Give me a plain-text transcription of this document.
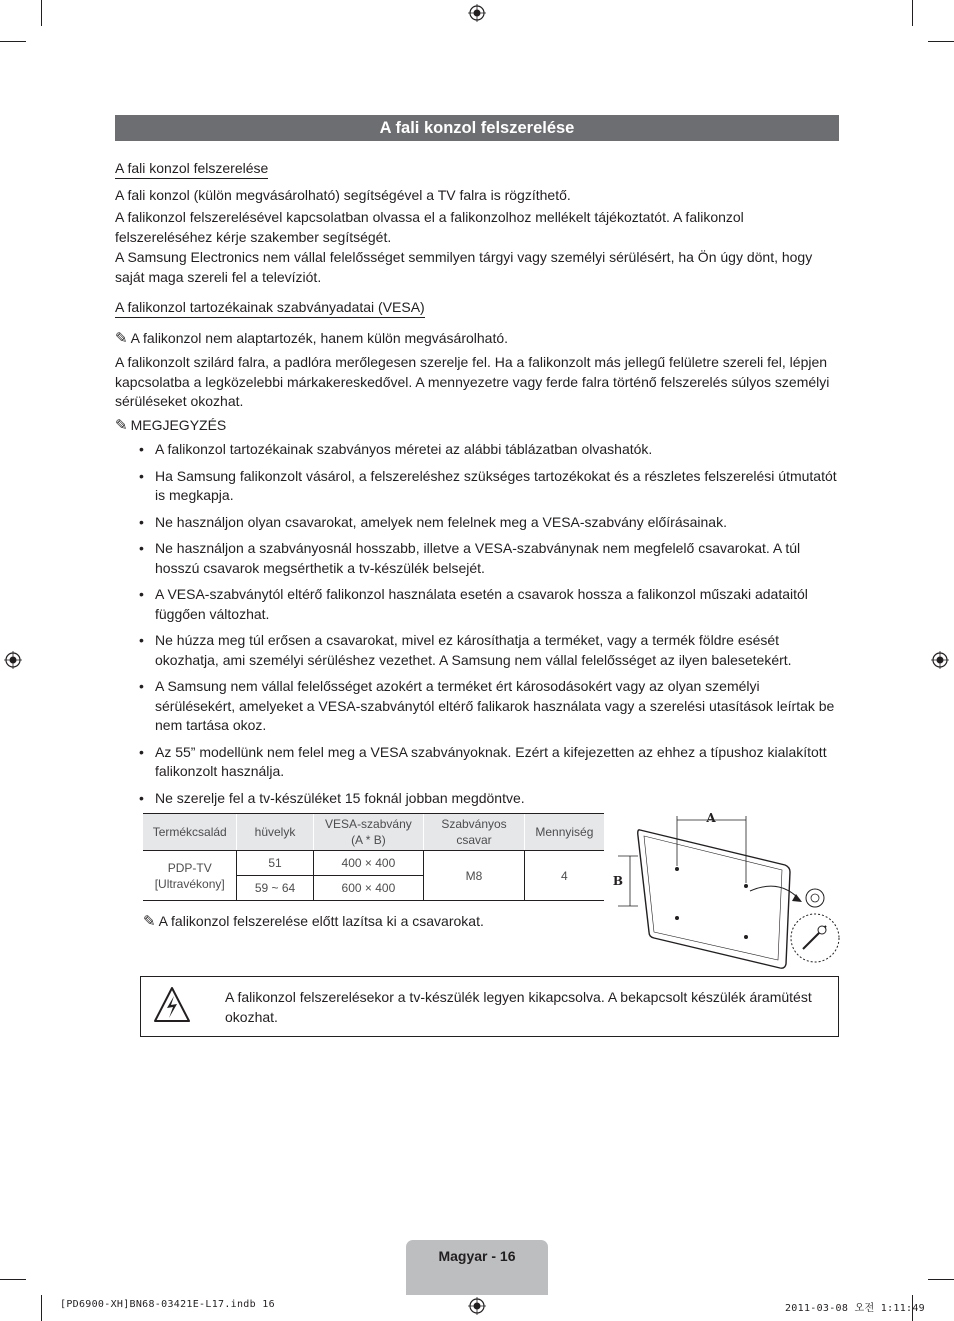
A fali konzol felszerelése
A fali konzol felszerelése
A fali konzol (külön megvásárolható) segítségével a TV falra is rögzíthető.
A falikonzol felszerelésével kapcsolatban olvassa el a falikonzolhoz mellékelt tájékoztatót. A falikonzol felszereléséhez kérje szakember segítségét.
A Samsung Electronics nem vállal felelősséget semmilyen tárgyi vagy személyi sérülésért, ha Ön úgy dönt, hogy saját maga szereli fel a televíziót.
A falikonzol tartozékainak szabványadatai (VESA)
✎ A falikonzol nem alaptartozék, hanem külön megvásárolható.
A falikonzolt szilárd falra, a padlóra merőlegesen szerelje fel. Ha a falikonzolt más jellegű felületre szereli fel, lépjen kapcsolatba a legközelebbi márkakereskedővel. A mennyezetre vagy ferde falra történő felszerelés súlyos személyi sérüléseket okozhat.
✎ MEGJEGYZÉS
• A falikonzol tartozékainak szabványos méretei az alábbi táblázatban olvashatók.
• Ha Samsung falikonzolt vásárol, a felszereléshez szükséges tartozékokat és a részletes felszerelési útmutatót is megkapja.
• Ne használjon olyan csavarokat, amelyek nem felelnek meg a VESA-szabvány előírásainak.
• Ne használjon a szabványosnál hosszabb, illetve a VESA-szabványnak nem megfelelő csavarokat. A túl hosszú csavarok megsérthetik a tv-készülék belsejét.
• A VESA-szabványtól eltérő falikonzol használata esetén a csavarok hossza a falikonzol műszaki adataitól függően változhat.
• Ne húzza meg túl erősen a csavarokat, mivel ez károsíthatja a terméket, vagy a termék földre esését okozhatja, ami személyi sérüléshez vezethet. A Samsung nem vállal felelősséget az ilyen balesetekért.
• A Samsung nem vállal felelősséget azokért a terméket ért károsodásokért vagy az olyan személyi sérülésekért, amelyeket a VESA-szabványtól eltérő falikarok használata vagy a szerelési utasítások leírtak be nem tartása okoz.
• Az 55” modellünk nem felel meg a VESA szabványoknak. Ezért a kifejezetten az ehhez a típushoz kialakított falikonzolt használja.
• Ne szerelje fel a tv-készüléket 15 foknál jobban megdöntve.
Termékcsalád	hüvelyk	VESA-szabvány (A * B)	Szabványos csavar	Mennyiség
PDP-TV [Ultravékony]	51	400 × 400	M8	4
	59 ~ 64	600 × 400		
✎ A falikonzol felszerelése előtt lazítsa ki a csavarokat.
A
B
A falikonzol felszerelésekor a tv-készülék legyen kikapcsolva. A bekapcsolt készülék áramütést okozhat.
Magyar - 16
[PD6900-XH]BN68-03421E-L17.indb 16	2011-03-08 오전 1:11:49
